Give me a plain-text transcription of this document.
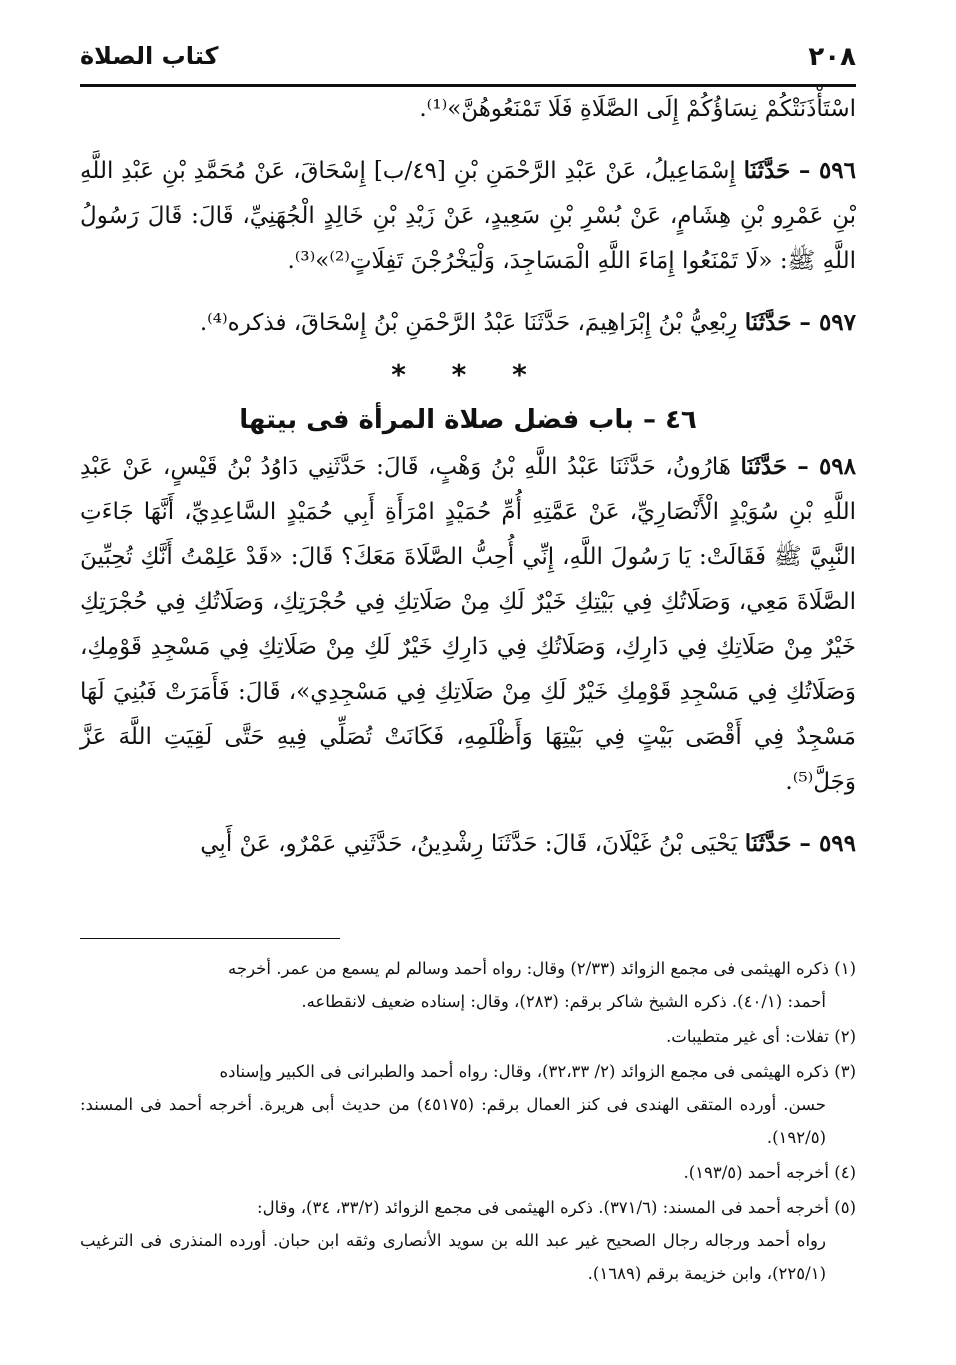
٢٠٨
كتاب الصلاة

اسْتَأْذَنَتْكُمْ نِسَاؤُكُمْ إِلَى الصَّلَاةِ فَلَا تَمْنَعُوهُنَّ»⁽¹⁾.

٥٩٦ – حَدَّثَنَا إِسْمَاعِيلُ، عَنْ عَبْدِ الرَّحْمَنِ بْنِ [٤٩/ب] إِسْحَاقَ، عَنْ مُحَمَّدِ بْنِ عَبْدِ اللَّهِ بْنِ عَمْرِو بْنِ هِشَامٍ، عَنْ بُسْرِ بْنِ سَعِيدٍ، عَنْ زَيْدِ بْنِ خَالِدٍ الْجُهَنِيِّ، قَالَ: قَالَ رَسُولُ اللَّهِ ﷺ: «لَا تَمْنَعُوا إِمَاءَ اللَّهِ الْمَسَاجِدَ، وَلْيَخْرُجْنَ تَفِلَاتٍ⁽²⁾»⁽³⁾.

٥٩٧ – حَدَّثَنَا رِبْعِيُّ بْنُ إِبْرَاهِيمَ، حَدَّثَنَا عَبْدُ الرَّحْمَنِ بْنُ إِسْحَاقَ، فذكره⁽⁴⁾.

* * *
٤٦ – باب فضل صلاة المرأة فى بيتها

٥٩٨ – حَدَّثَنَا هَارُونُ، حَدَّثَنَا عَبْدُ اللَّهِ بْنُ وَهْبٍ، قَالَ: حَدَّثَنِي دَاوُدُ بْنُ قَيْسٍ، عَنْ عَبْدِ اللَّهِ بْنِ سُوَيْدٍ الْأَنْصَارِيِّ، عَنْ عَمَّتِهِ أُمِّ حُمَيْدٍ امْرَأَةِ أَبِي حُمَيْدٍ السَّاعِدِيِّ، أَنَّهَا جَاءَتِ النَّبِيَّ ﷺ فَقَالَتْ: يَا رَسُولَ اللَّهِ، إِنِّي أُحِبُّ الصَّلَاةَ مَعَكَ؟ قَالَ: «قَدْ عَلِمْتُ أَنَّكِ تُحِبِّينَ الصَّلَاةَ مَعِي، وَصَلَاتُكِ فِي بَيْتِكِ خَيْرٌ لَكِ مِنْ صَلَاتِكِ فِي حُجْرَتِكِ، وَصَلَاتُكِ فِي حُجْرَتِكِ خَيْرٌ مِنْ صَلَاتِكِ فِي دَارِكِ، وَصَلَاتُكِ فِي دَارِكِ خَيْرٌ لَكِ مِنْ صَلَاتِكِ فِي مَسْجِدِ قَوْمِكِ، وَصَلَاتُكِ فِي مَسْجِدِ قَوْمِكِ خَيْرٌ لَكِ مِنْ صَلَاتِكِ فِي مَسْجِدِي»، قَالَ: فَأَمَرَتْ فَبُنِيَ لَهَا مَسْجِدٌ فِي أَقْصَى بَيْتٍ فِي بَيْتِهَا وَأَظْلَمِهِ، فَكَانَتْ تُصَلِّي فِيهِ حَتَّى لَقِيَتِ اللَّهَ عَزَّ وَجَلَّ⁽⁵⁾.

٥٩٩ – حَدَّثَنَا يَحْيَى بْنُ غَيْلَانَ، قَالَ: حَدَّثَنَا رِشْدِينُ، حَدَّثَنِي عَمْرٌو، عَنْ أَبِي

(١) ذكره الهيثمى فى مجمع الزوائد (٢/٣٣) وقال: رواه أحمد وسالم لم يسمع من عمر. أخرجه
أحمد: (٤٠/١). ذكره الشيخ شاكر برقم: (٢٨٣)، وقال: إسناده ضعيف لانقطاعه.

(٢) تفلات: أى غير متطيبات.

(٣) ذكره الهيثمى فى مجمع الزوائد (٢/ ٣٢،٣٣)، وقال: رواه أحمد والطبرانى فى الكبير وإسناده
حسن. أورده المتقى الهندى فى كنز العمال برقم: (٤٥١٧٥) من حديث أبى هريرة. أخرجه أحمد فى المسند: (١٩٢/٥).

(٤) أخرجه أحمد (١٩٣/٥).

(٥) أخرجه أحمد فى المسند: (٣٧١/٦). ذكره الهيثمى فى مجمع الزوائد (٣٣/٢، ٣٤)، وقال:
رواه أحمد ورجاله رجال الصحيح غير عبد الله بن سويد الأنصارى وثقه ابن حبان. أورده المنذرى فى الترغيب (٢٢٥/١)، وابن خزيمة برقم (١٦٨٩).
